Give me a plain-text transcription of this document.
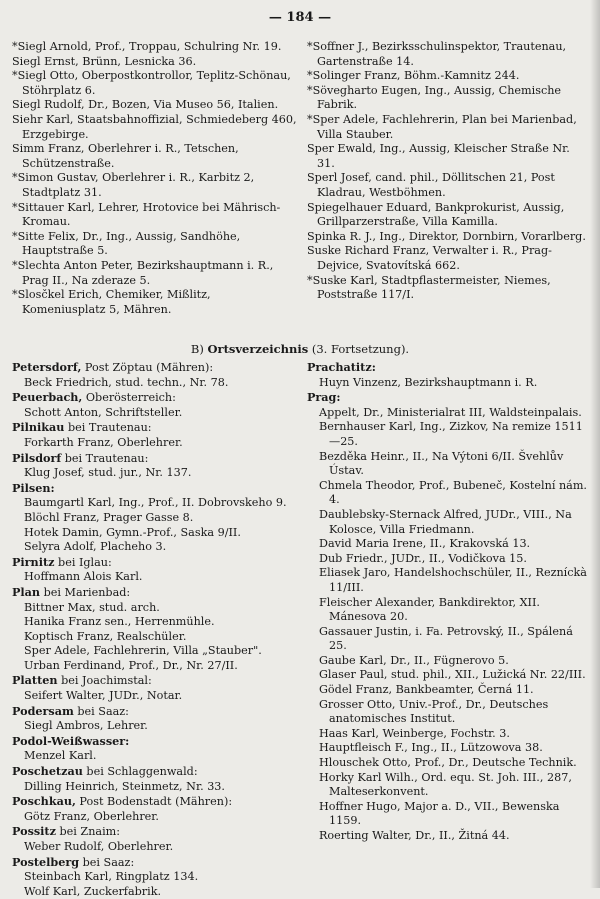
— 184 —
*Siegl Arnold, Prof., Troppau, Schulring Nr. 19.
Siegl Ernst, Brünn, Lesnicka 36.
*Siegl Otto, Oberpostkontrollor, Teplitz-Schönau, Stöhrplatz 6.
Siegl Rudolf, Dr., Bozen, Via Museo 56, Italien.
Siehr Karl, Staatsbahnoffizial, Schmiedeberg 460, Erzgebirge.
Simm Franz, Oberlehrer i. R., Tetschen, Schützenstraße.
*Simon Gustav, Oberlehrer i. R., Karbitz 2, Stadtplatz 31.
*Sittauer Karl, Lehrer, Hrotovice bei Mährisch-Kromau.
*Sitte Felix, Dr., Ing., Aussig, Sandhöhe, Hauptstraße 5.
*Slechta Anton Peter, Bezirkshauptmann i. R., Prag II., Na zderaze 5.
*Slosčkel Erich, Chemiker, Mißlitz, Komeniusplatz 5, Mähren.
*Soffner J., Bezirksschulinspektor, Trautenau, Gartenstraße 14.
*Solinger Franz, Böhm.-Kamnitz 244.
*Sövegharto Eugen, Ing., Aussig, Chemische Fabrik.
*Sper Adele, Fachlehrerin, Plan bei Marienbad, Villa Stauber.
Sper Ewald, Ing., Aussig, Kleischer Straße Nr. 31.
Sperl Josef, cand. phil., Döllitschen 21, Post Kladrau, Westböhmen.
Spiegelhauer Eduard, Bankprokurist, Aussig, Grillparzerstraße, Villa Kamilla.
Spinka R. J., Ing., Direktor, Dornbirn, Vorarlberg.
Suske Richard Franz, Verwalter i. R., Prag-Dejvice, Svatovítská 662.
*Suske Karl, Stadtpflastermeister, Niemes, Poststraße 117/I.
B) Ortsverzeichnis (3. Fortsetzung).
Petersdorf, Post Zöptau (Mähren):
Beck Friedrich, stud. techn., Nr. 78.
Peuerbach, Oberösterreich:
Schott Anton, Schriftsteller.
Pilnikau bei Trautenau:
Forkarth Franz, Oberlehrer.
Pilsdorf bei Trautenau:
Klug Josef, stud. jur., Nr. 137.
Pilsen:
Baumgartl Karl, Ing., Prof., II. Dobrovskeho 9.
Blöchl Franz, Prager Gasse 8.
Hotek Damin, Gymn.-Prof., Saska 9/II.
Selyra Adolf, Placheho 3.
Pirnitz bei Iglau:
Hoffmann Alois Karl.
Plan bei Marienbad:
Bittner Max, stud. arch.
Hanika Franz sen., Herrenmühle.
Koptisch Franz, Realschüler.
Sper Adele, Fachlehrerin, Villa „Stauber".
Urban Ferdinand, Prof., Dr., Nr. 27/II.
Platten bei Joachimstal:
Seifert Walter, JUDr., Notar.
Podersam bei Saaz:
Siegl Ambros, Lehrer.
Podol-Weißwasser:
Menzel Karl.
Poschetzau bei Schlaggenwald:
Dilling Heinrich, Steinmetz, Nr. 33.
Poschkau, Post Bodenstadt (Mähren):
Götz Franz, Oberlehrer.
Possitz bei Znaim:
Weber Rudolf, Oberlehrer.
Postelberg bei Saaz:
Steinbach Karl, Ringplatz 134.
Wolf Karl, Zuckerfabrik.
Prachatitz:
Huyn Vinzenz, Bezirkshauptmann i. R.
Prag:
Appelt, Dr., Ministerialrat III, Waldsteinpalais.
Bernhauser Karl, Ing., Zizkov, Na remize 1511—25.
Bezděka Heinr., II., Na Výtoni 6/II. Švehlův Ústav.
Chmela Theodor, Prof., Bubeneč, Kostelní nám. 4.
Daublebsky-Sternack Alfred, JUDr., VIII., Na Kolosce, Villa Friedmann.
David Maria Irene, II., Krakovská 13.
Dub Friedr., JUDr., II., Vodičkova 15.
Eliasek Jaro, Handelshochschüler, II., Rezníckà 11/III.
Fleischer Alexander, Bankdirektor, XII. Mánesova 20.
Gassauer Justin, i. Fa. Petrovský, II., Spálená 25.
Gaube Karl, Dr., II., Fügnerovo 5.
Glaser Paul, stud. phil., XII., Lužická Nr. 22/III.
Gödel Franz, Bankbeamter, Černá 11.
Grosser Otto, Univ.-Prof., Dr., Deutsches anatomisches Institut.
Haas Karl, Weinberge, Fochstr. 3.
Hauptfleisch F., Ing., II., Lützowova 38.
Hlouschek Otto, Prof., Dr., Deutsche Technik.
Horky Karl Wilh., Ord. equ. St. Joh. III., 287, Malteserkonvent.
Hoffner Hugo, Major a. D., VII., Bewenska 1159.
Roerting Walter, Dr., II., Žitná 44.
